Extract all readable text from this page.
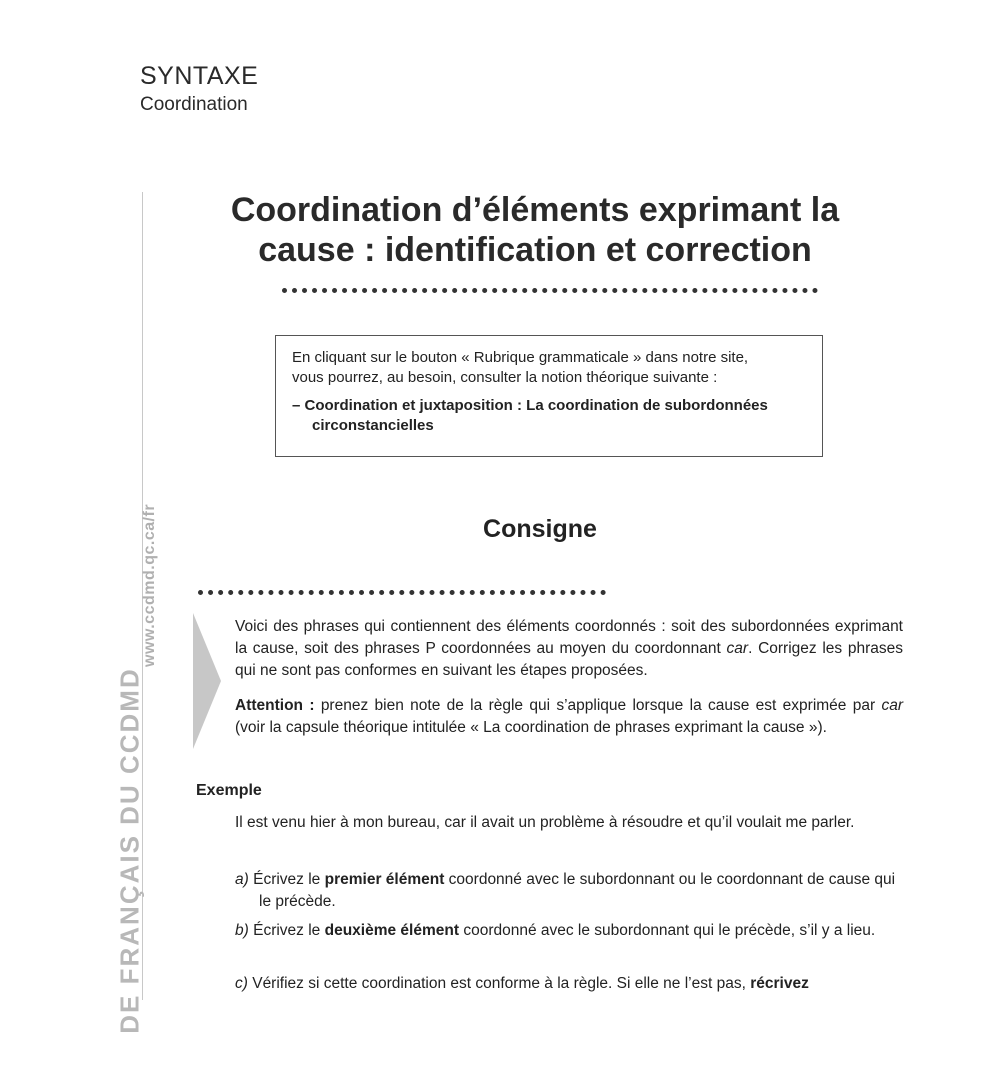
SYNTAXE
Coordination
www.ccdmd.qc.ca/fr
DE FRANÇAIS DU CCDMD
Coordination d’éléments exprimant la
cause : identification et correction
En cliquant sur le bouton « Rubrique grammaticale » dans notre site,
vous pourrez, au besoin, consulter la notion théorique suivante :
– Coordination et juxtaposition : La coordination de subordonnées circonstancielles
Consigne
Voici des phrases qui contiennent des éléments coordonnés : soit des subordonnées exprimant la cause, soit des phrases P coordonnées au moyen du coordonnant car. Corrigez les phrases qui ne sont pas conformes en suivant les étapes proposées.
Attention : prenez bien note de la règle qui s’applique lorsque la cause est exprimée par car (voir la capsule théorique intitulée « La coordination de phrases exprimant la cause »).
Exemple
Il est venu hier à mon bureau, car il avait un problème à résoudre et qu’il voulait me parler.
a) Écrivez le premier élément coordonné avec le subordonnant ou le coordonnant de cause qui le précède.
b) Écrivez le deuxième élément coordonné avec le subordonnant qui le précède, s’il y a lieu.
c) Vérifiez si cette coordination est conforme à la règle. Si elle ne l’est pas, récrivez
